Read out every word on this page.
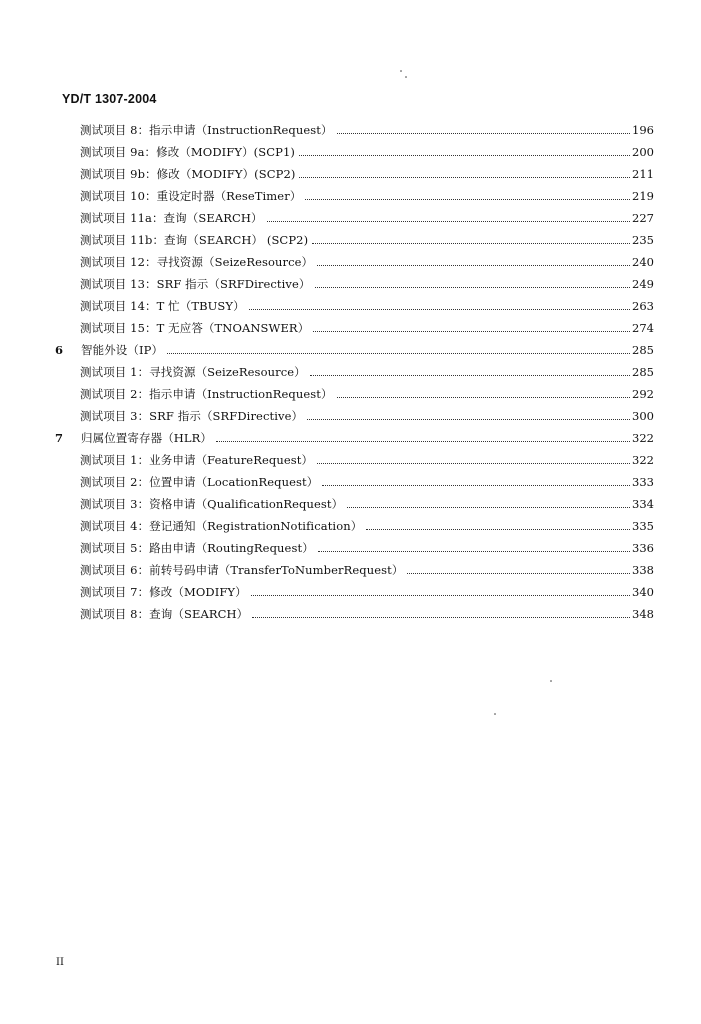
YD/T 1307-2004
测试项目 8：指示申请（InstructionRequest）	196
测试项目 9a：修改（MODIFY）(SCP1)	200
测试项目 9b：修改（MODIFY）(SCP2)	211
测试项目 10：重设定时器（ReseTimer）	219
测试项目 11a：查询（SEARCH）	227
测试项目 11b：查询（SEARCH） (SCP2)	235
测试项目 12：寻找资源（SeizeResource）	240
测试项目 13：SRF 指示（SRFDirective）	249
测试项目 14：T 忙（TBUSY）	263
测试项目 15：T 无应答（TNOANSWER）	274
6	智能外设（IP）	285
测试项目 1：寻找资源（SeizeResource）	285
测试项目 2：指示申请（InstructionRequest）	292
测试项目 3：SRF 指示（SRFDirective）	300
7	归属位置寄存器（HLR）	322
测试项目 1：业务申请（FeatureRequest）	322
测试项目 2：位置申请（LocationRequest）	333
测试项目 3：资格申请（QualificationRequest）	334
测试项目 4：登记通知（RegistrationNotification）	335
测试项目 5：路由申请（RoutingRequest）	336
测试项目 6：前转号码申请（TransferToNumberRequest）	338
测试项目 7：修改（MODIFY）	340
测试项目 8：查询（SEARCH）	348
II
